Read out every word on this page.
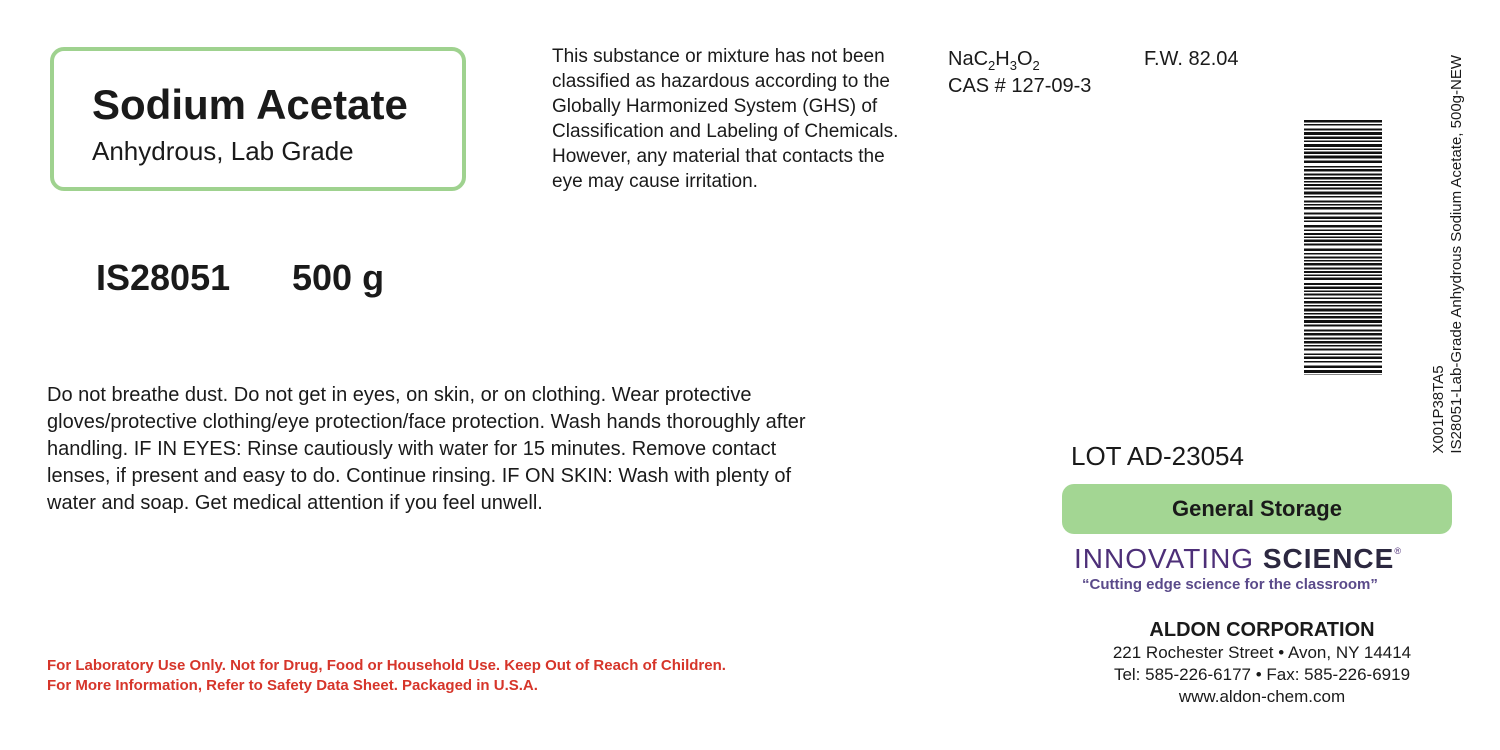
Sodium Acetate
Anhydrous, Lab Grade
IS28051 500 g

This substance or mixture has not been classified as hazardous according to the Globally Harmonized System (GHS) of Classification and Labeling of Chemicals. However, any material that contacts the eye may cause irritation.

$NaC_2H_3O_2$	F.W. 82.04
CAS # 127-09-3
X001P38TA5 IS28051-Lab-Grade Anhydrous Sodium Acetate, 500g-NEW

Do not breathe dust. Do not get in eyes, on skin, or on clothing. Wear protective gloves/protective clothing/eye protection/face protection. Wash hands thoroughly after handling. IF IN EYES: Rinse cautiously with water for 15 minutes. Remove contact lenses, if present and easy to do. Continue rinsing. IF ON SKIN: Wash with plenty of water and soap. Get medical attention if you feel unwell.

For Laboratory Use Only. Not for Drug, Food or Household Use. Keep Out of Reach of Children.
For More Information, Refer to Safety Data Sheet. Packaged in U.S.A.
LOT AD-23054
General Storage
INNOVATING SCIENCE®
“Cutting edge science for the classroom”
ALDON CORPORATION
221 Rochester Street • Avon, NY 14414
Tel: 585-226-6177 • Fax: 585-226-6919
www.aldon-chem.com
